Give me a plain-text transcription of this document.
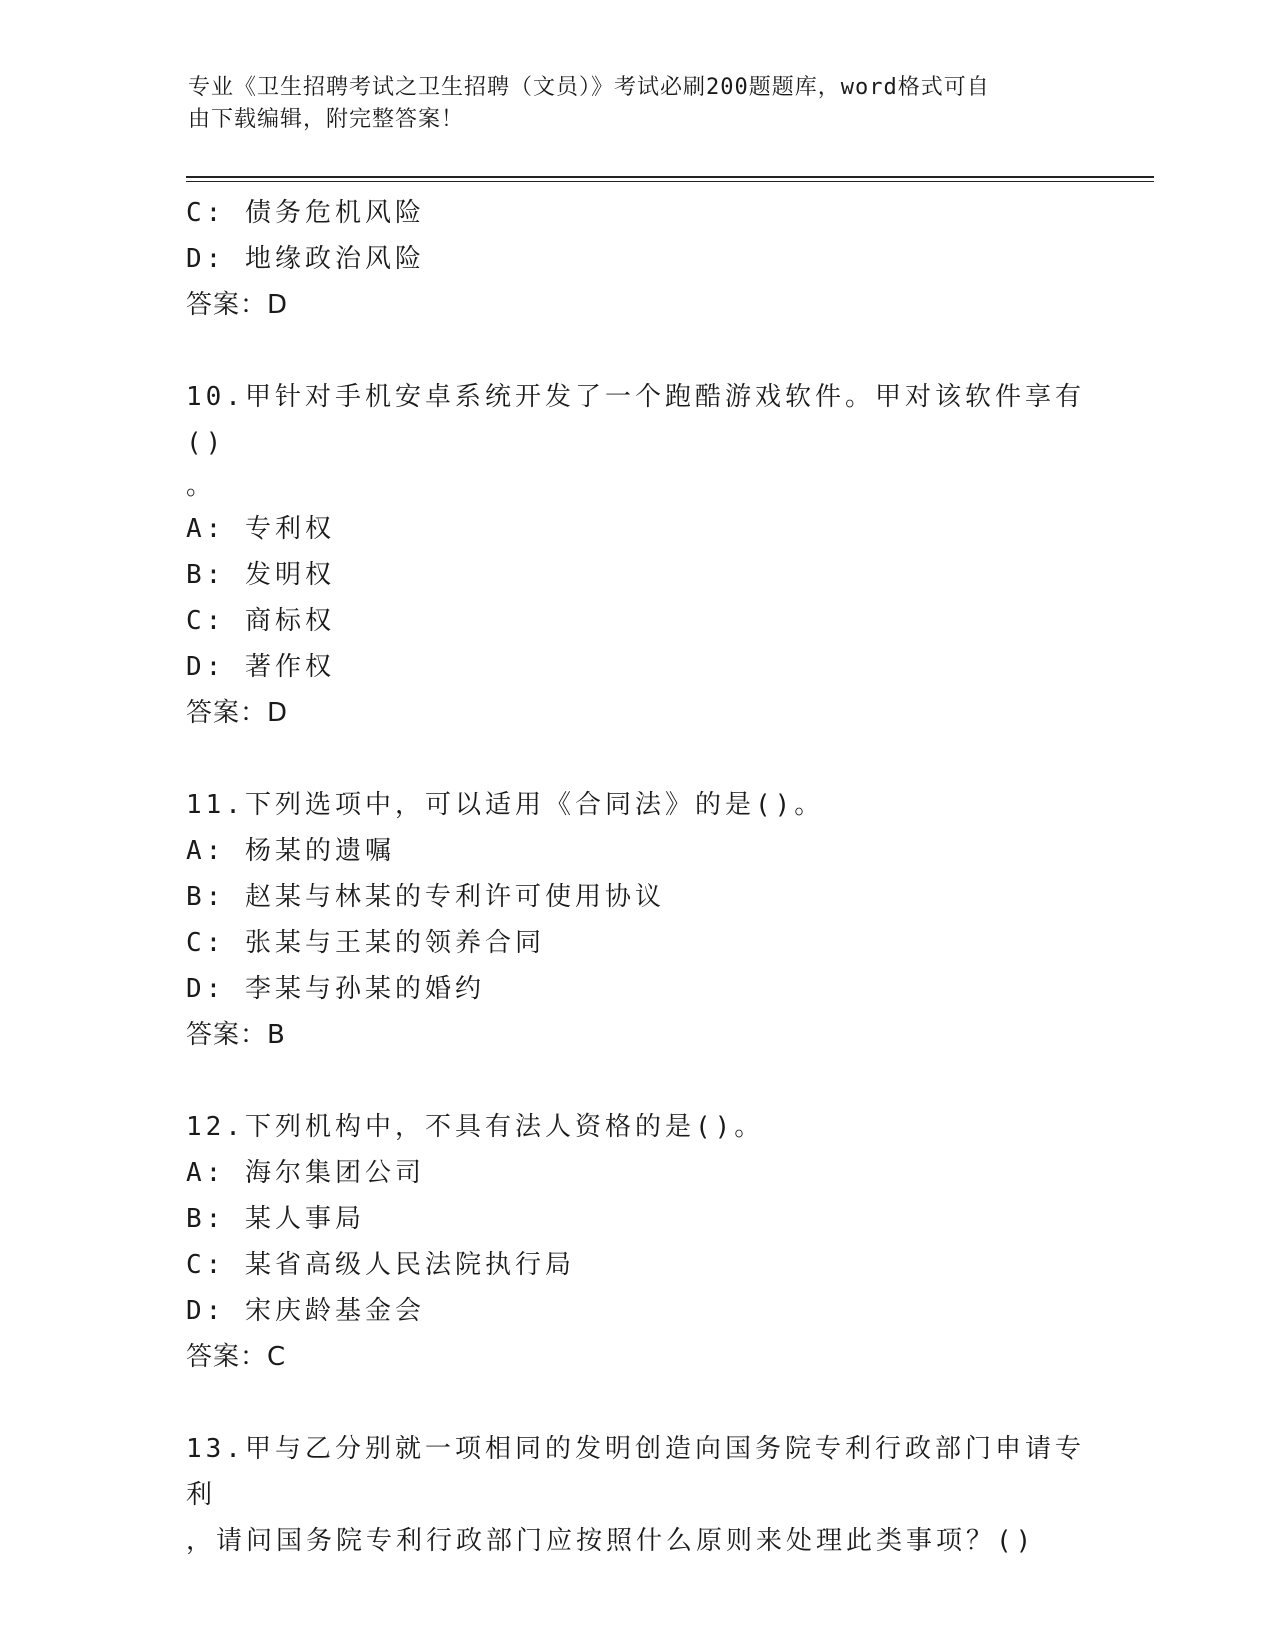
专业《卫生招聘考试之卫生招聘（文员）》考试必刷200题题库，word格式可自
由下载编辑，附完整答案！
C: 债务危机风险
D: 地缘政治风险
答案：D
10.甲针对手机安卓系统开发了一个跑酷游戏软件。甲对该软件享有()
。
A: 专利权
B: 发明权
C: 商标权
D: 著作权
答案：D
11.下列选项中，可以适用《合同法》的是()。
A: 杨某的遗嘱
B: 赵某与林某的专利许可使用协议
C: 张某与王某的领养合同
D: 李某与孙某的婚约
答案：B
12.下列机构中，不具有法人资格的是()。
A: 海尔集团公司
B: 某人事局
C: 某省高级人民法院执行局
D: 宋庆龄基金会
答案：C
13.甲与乙分别就一项相同的发明创造向国务院专利行政部门申请专利
，请问国务院专利行政部门应按照什么原则来处理此类事项？()
